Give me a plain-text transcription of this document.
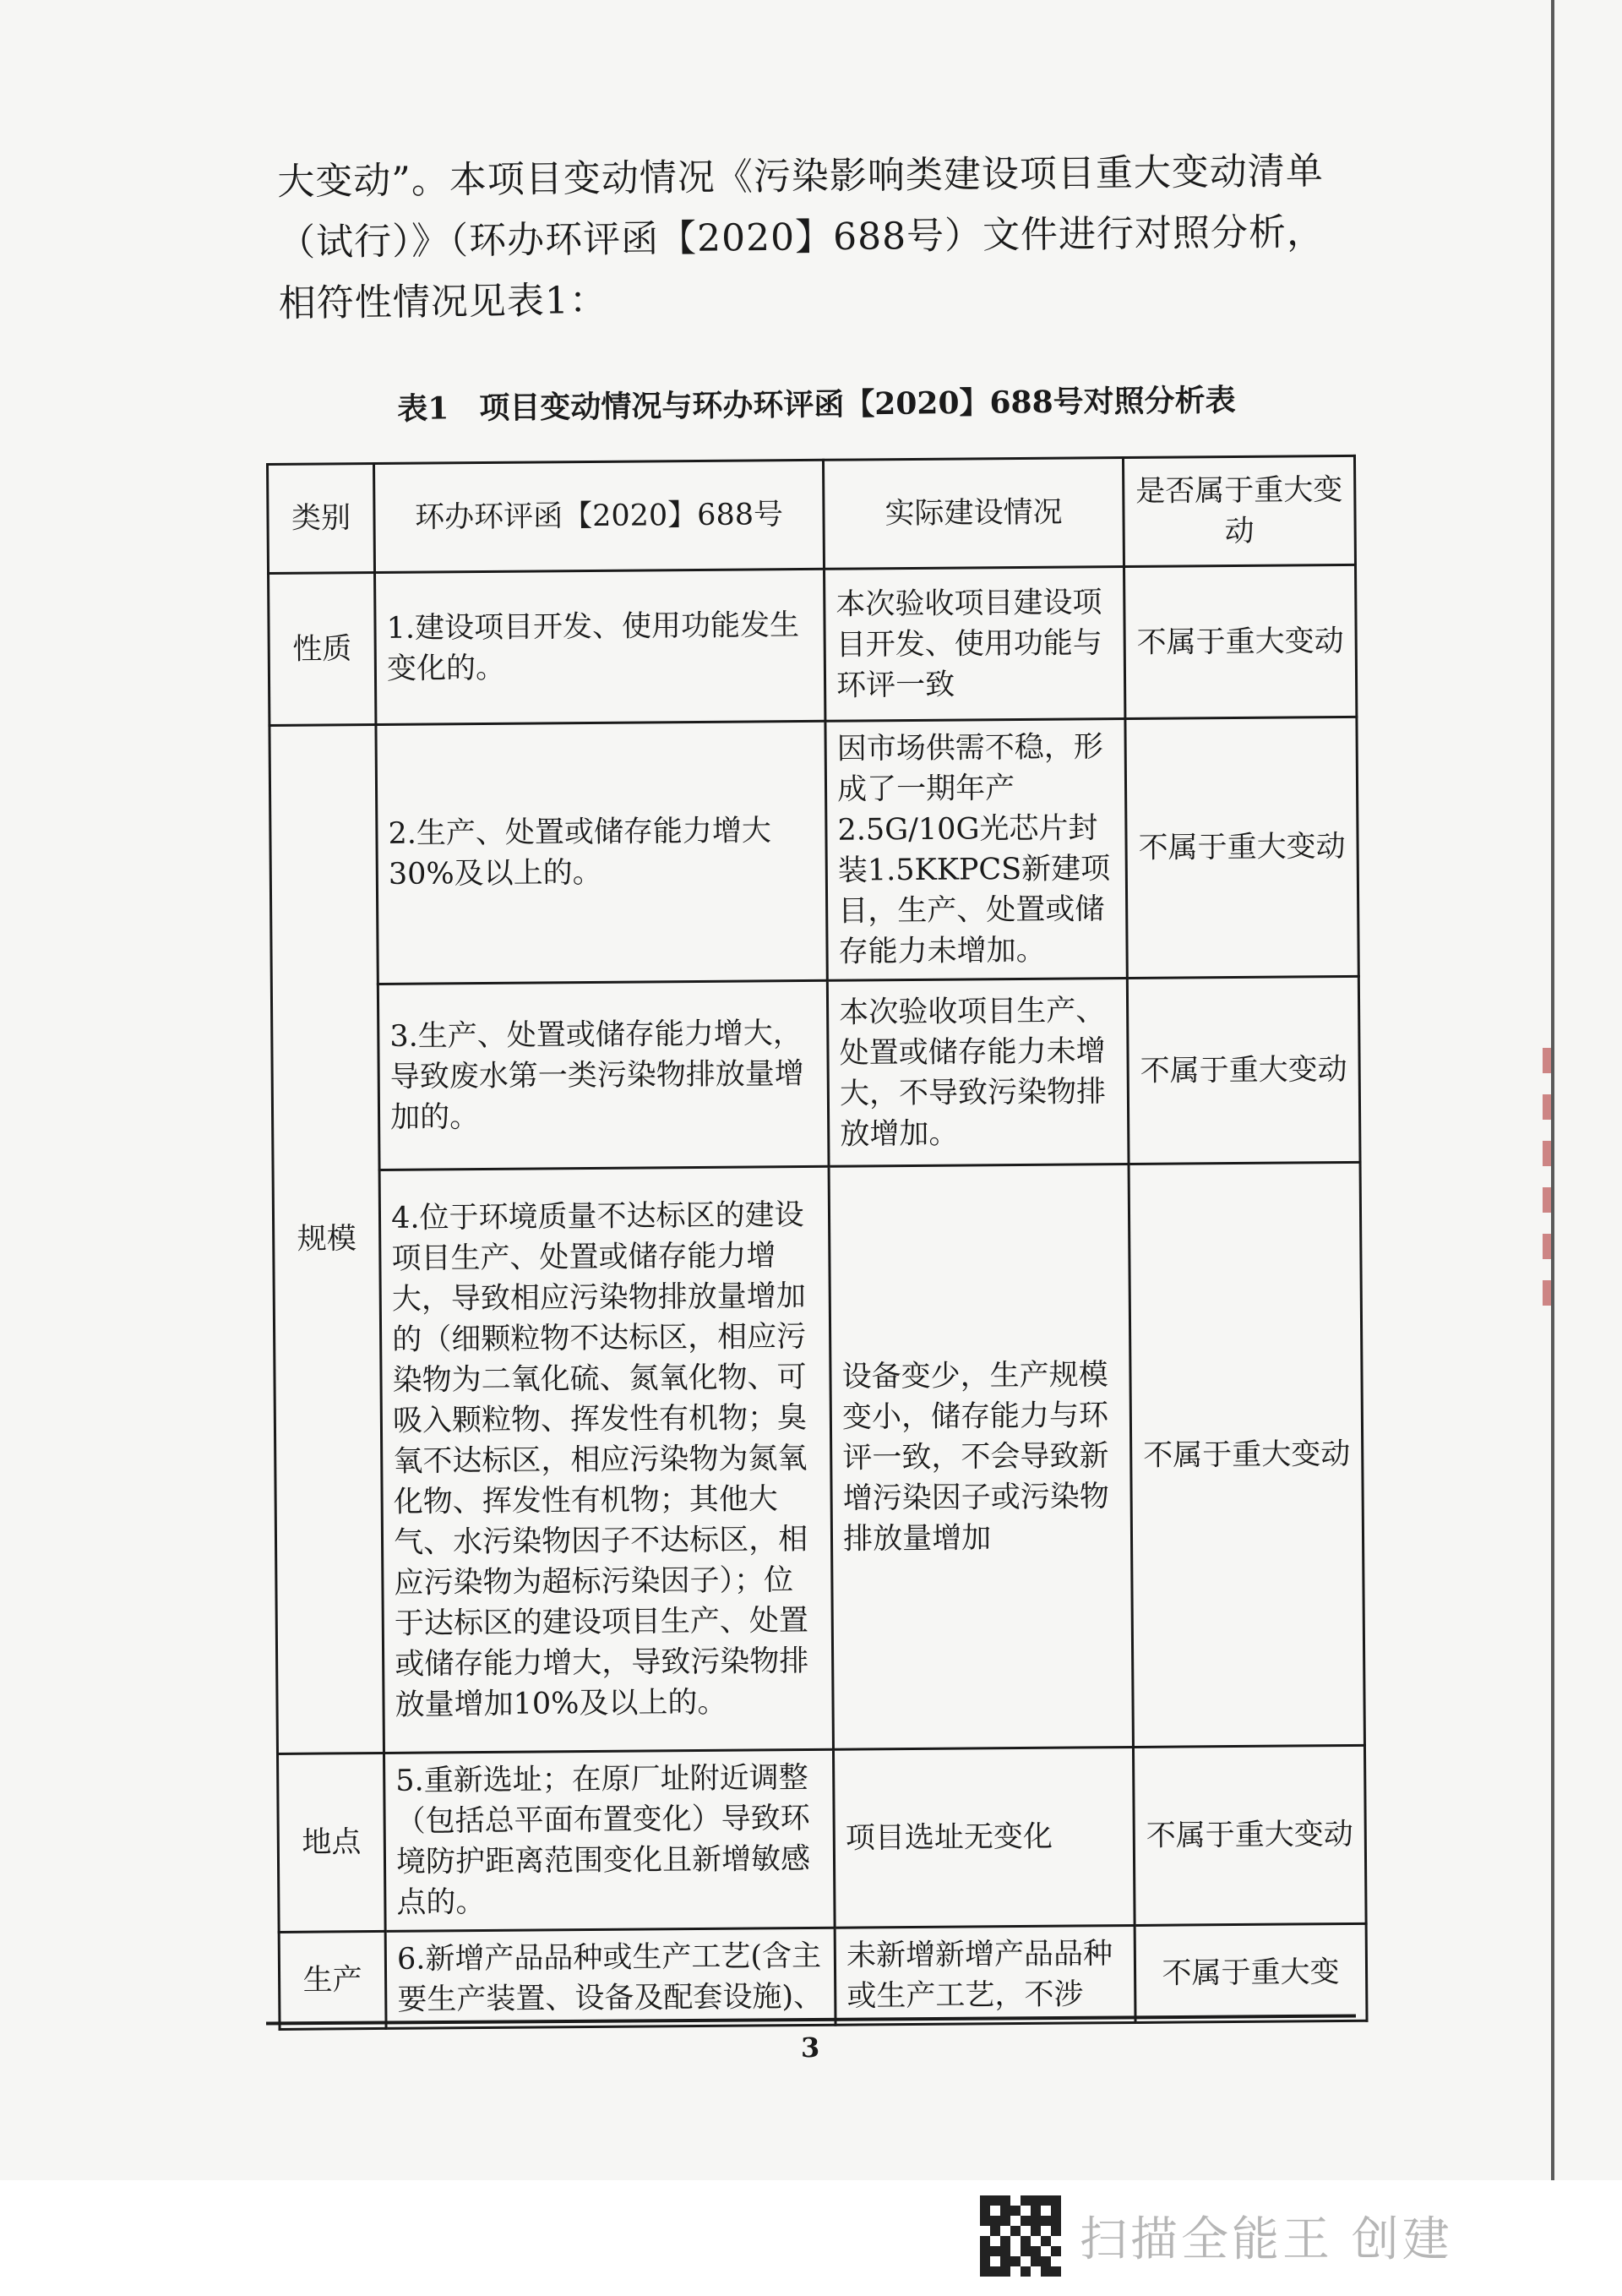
大变动”。本项目变动情况《污染影响类建设项目重大变动清单（试行）》（环办环评函【2020】688号）文件进行对照分析，相符性情况见表1：
表1　项目变动情况与环办环评函【2020】688号对照分析表
类别	环办环评函【2020】688号	实际建设情况	是否属于重大变动
性质	1.建设项目开发、使用功能发生变化的。	本次验收项目建设项目开发、使用功能与环评一致	不属于重大变动
规模	2.生产、处置或储存能力增大30%及以上的。	因市场供需不稳，形成了一期年产2.5G/10G光芯片封装1.5KKPCS新建项目，生产、处置或储存能力未增加。	不属于重大变动
	3.生产、处置或储存能力增大，导致废水第一类污染物排放量增加的。	本次验收项目生产、处置或储存能力未增大，不导致污染物排放增加。	不属于重大变动
	4.位于环境质量不达标区的建设项目生产、处置或储存能力增大，导致相应污染物排放量增加的（细颗粒物不达标区，相应污染物为二氧化硫、氮氧化物、可吸入颗粒物、挥发性有机物；臭氧不达标区，相应污染物为氮氧化物、挥发性有机物；其他大气、水污染物因子不达标区，相应污染物为超标污染因子）；位于达标区的建设项目生产、处置或储存能力增大，导致污染物排放量增加10%及以上的。	设备变少，生产规模变小，储存能力与环评一致，不会导致新增污染因子或污染物排放量增加	不属于重大变动
地点	5.重新选址；在原厂址附近调整（包括总平面布置变化）导致环境防护距离范围变化且新增敏感点的。	项目选址无变化	不属于重大变动
生产	6.新增产品品种或生产工艺(含主要生产装置、设备及配套设施)、	未新增新增产品品种或生产工艺，不涉	不属于重大变
3
扫描全能王 创建
